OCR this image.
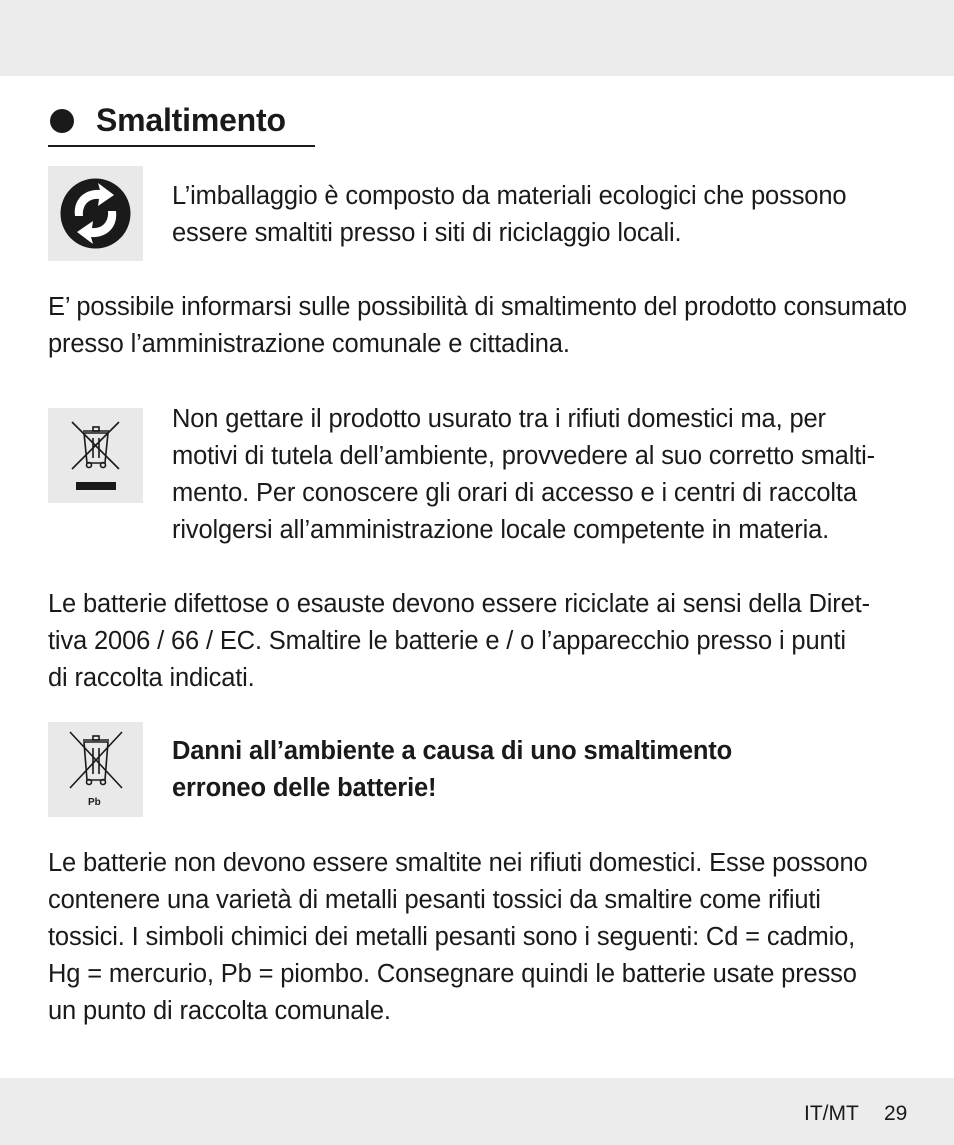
Smaltimento

L’imballaggio è composto da materiali ecologici che possono
essere smaltiti presso i siti di riciclaggio locali.

E’ possibile informarsi sulle possibilità di smaltimento del prodotto consumato
presso l’amministrazione comunale e cittadina.

Non gettare il prodotto usurato tra i rifiuti domestici ma, per
motivi di tutela dell’ambiente, provvedere al suo corretto smalti-
mento. Per conoscere gli orari di accesso e i centri di raccolta
rivolgersi all’amministrazione locale competente in materia.

Le batterie difettose o esauste devono essere riciclate ai sensi della Diret-
tiva 2006 / 66 / EC. Smaltire le batterie e / o l’apparecchio presso i punti
di raccolta indicati.

Pb

Danni all’ambiente a causa di uno smaltimento
erroneo delle batterie!

Le batterie non devono essere smaltite nei rifiuti domestici. Esse possono
contenere una varietà di metalli pesanti tossici da smaltire come rifiuti
tossici. I simboli chimici dei metalli pesanti sono i seguenti: Cd = cadmio,
Hg = mercurio, Pb = piombo. Consegnare quindi le batterie usate presso
un punto di raccolta comunale.

IT/MT 29
